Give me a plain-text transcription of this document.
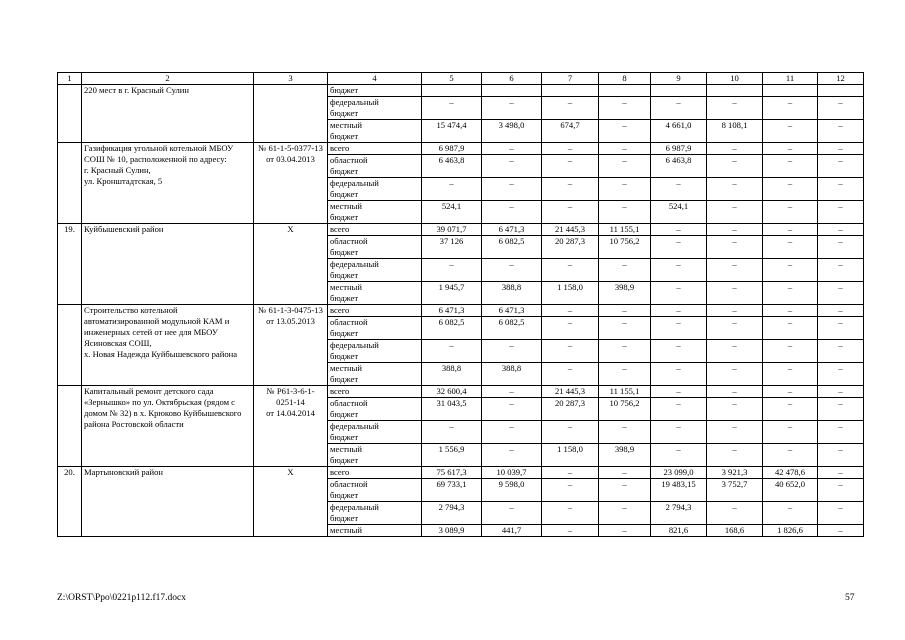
1	2	3	4	5	6	7	8	9	10	11	12
	220 мест в г. Красный Сулин		бюджет								
			федеральный
бюджет	–	–	–	–	–	–	–	–
			местный
бюджет	15 474,4	3 498,0	674,7	–	4 661,0	8 108,1	–	–
	Газификация угольной котельной МБОУ СОШ № 10, расположенной по адресу:
г. Красный Сулин,
ул. Кронштадтская, 5	№ 61-1-5-0377-13
от 03.04.2013	всего	6 987,9	–	–	–	6 987,9	–	–	–
			областной
бюджет	6 463,8	–	–	–	6 463,8	–	–	–
			федеральный
бюджет	–	–	–	–	–	–	–	–
			местный
бюджет	524,1	–	–	–	524,1	–	–	–
19.	Куйбышевский район	X	всего	39 071,7	6 471,3	21 445,3	11 155,1	–	–	–	–
			областной
бюджет	37 126	6 082,5	20 287,3	10 756,2	–	–	–	–
			федеральный
бюджет	–	–	–	–	–	–	–	–
			местный
бюджет	1 945,7	388,8	1 158,0	398,9	–	–	–	–
	Строительство котельной автоматизированной модульной КАМ и инженерных сетей от нее для МБОУ Ясиновская СОШ,
х. Новая Надежда Куйбышевского района	№ 61-1-3-0475-13
от 13.05.2013	всего	6 471,3	6 471,3	–	–	–	–	–	–
			областной
бюджет	6 082,5	6 082,5	–	–	–	–	–	–
			федеральный
бюджет	–	–	–	–	–	–	–	–
			местный
бюджет	388,8	388,8	–	–	–	–	–	–
	Капитальный ремонт детского сада «Зернышко» по ул. Октябрьская (рядом с домом № 32) в х. Крюково Куйбышевского района Ростовской области	№ Р61-3-6-1-
0251-14
от 14.04.2014	всего	32 600,4	–	21 445,3	11 155,1	–	–	–	–
			областной
бюджет	31 043,5	–	20 287,3	10 756,2	–	–	–	–
			федеральный
бюджет	–	–	–	–	–	–	–	–
			местный
бюджет	1 556,9	–	1 158,0	398,9	–	–	–	–
20.	Мартыновский район	X	всего	75 617,3	10 039,7	–	–	23 099,0	3 921,3	42 478,6	–
			областной
бюджет	69 733,1	9 598,0	–	–	19 483,15	3 752,7	40 652,0	–
			федеральный
бюджет	2 794,3	–	–	–	2 794,3	–	–	–
			местный	3 089,9	441,7	–	–	821,6	168,6	1 826,6	–
Z:\ORST\Ppo\0221p112.f17.docx	57
